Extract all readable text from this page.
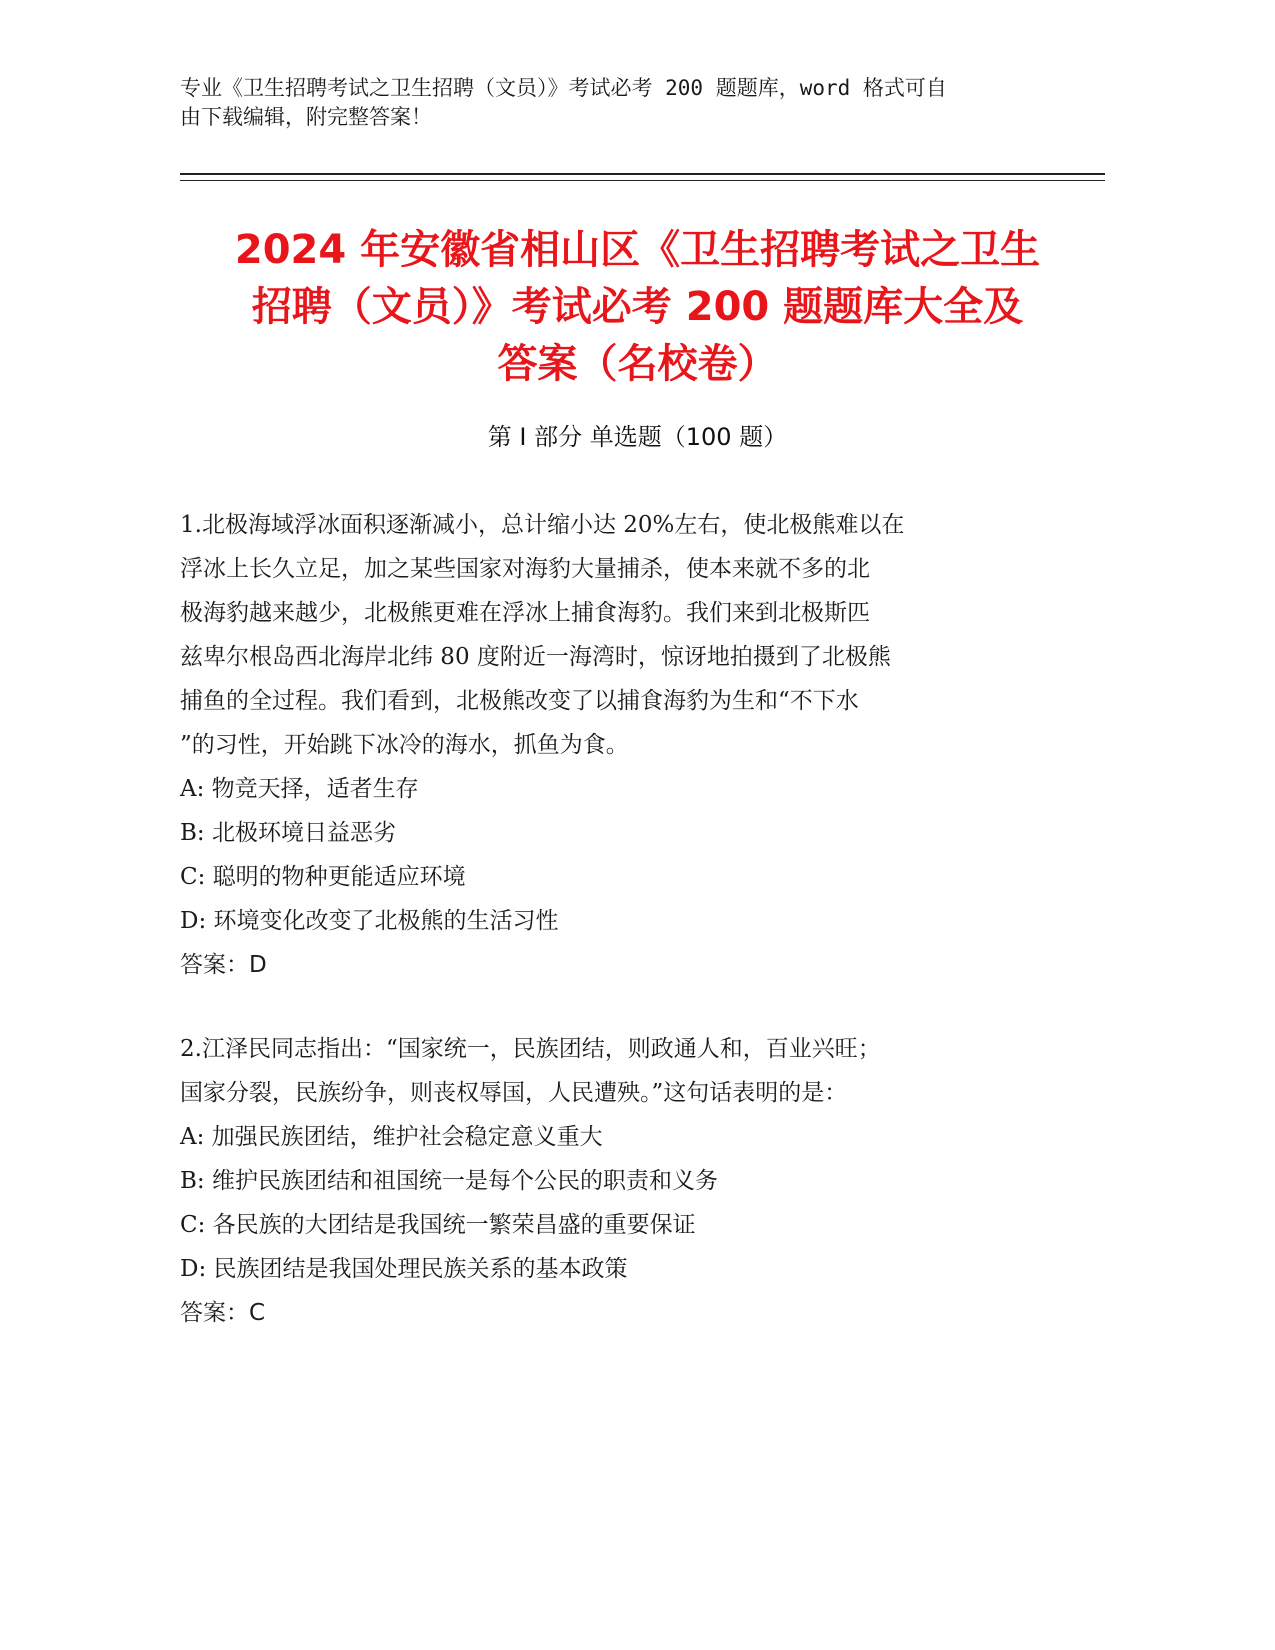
专业《卫生招聘考试之卫生招聘（文员）》考试必考 200 题题库，word 格式可自
由下载编辑，附完整答案！
2024 年安徽省相山区《卫生招聘考试之卫生
招聘（文员）》考试必考 200 题题库大全及
答案（名校卷）
第 I 部分 单选题（100 题）
1.北极海域浮冰面积逐渐减小，总计缩小达 20%左右，使北极熊难以在
浮冰上长久立足，加之某些国家对海豹大量捕杀，使本来就不多的北
极海豹越来越少，北极熊更难在浮冰上捕食海豹。我们来到北极斯匹
兹卑尔根岛西北海岸北纬 80 度附近一海湾时，惊讶地拍摄到了北极熊
捕鱼的全过程。我们看到，北极熊改变了以捕食海豹为生和“不下水
”的习性，开始跳下冰冷的海水，抓鱼为食。
A: 物竞天择，适者生存
B: 北极环境日益恶劣
C: 聪明的物种更能适应环境
D: 环境变化改变了北极熊的生活习性
答案：D
2.江泽民同志指出：“国家统一，民族团结，则政通人和，百业兴旺；
国家分裂，民族纷争，则丧权辱国，人民遭殃。”这句话表明的是：
A: 加强民族团结，维护社会稳定意义重大
B: 维护民族团结和祖国统一是每个公民的职责和义务
C: 各民族的大团结是我国统一繁荣昌盛的重要保证
D: 民族团结是我国处理民族关系的基本政策
答案：C
